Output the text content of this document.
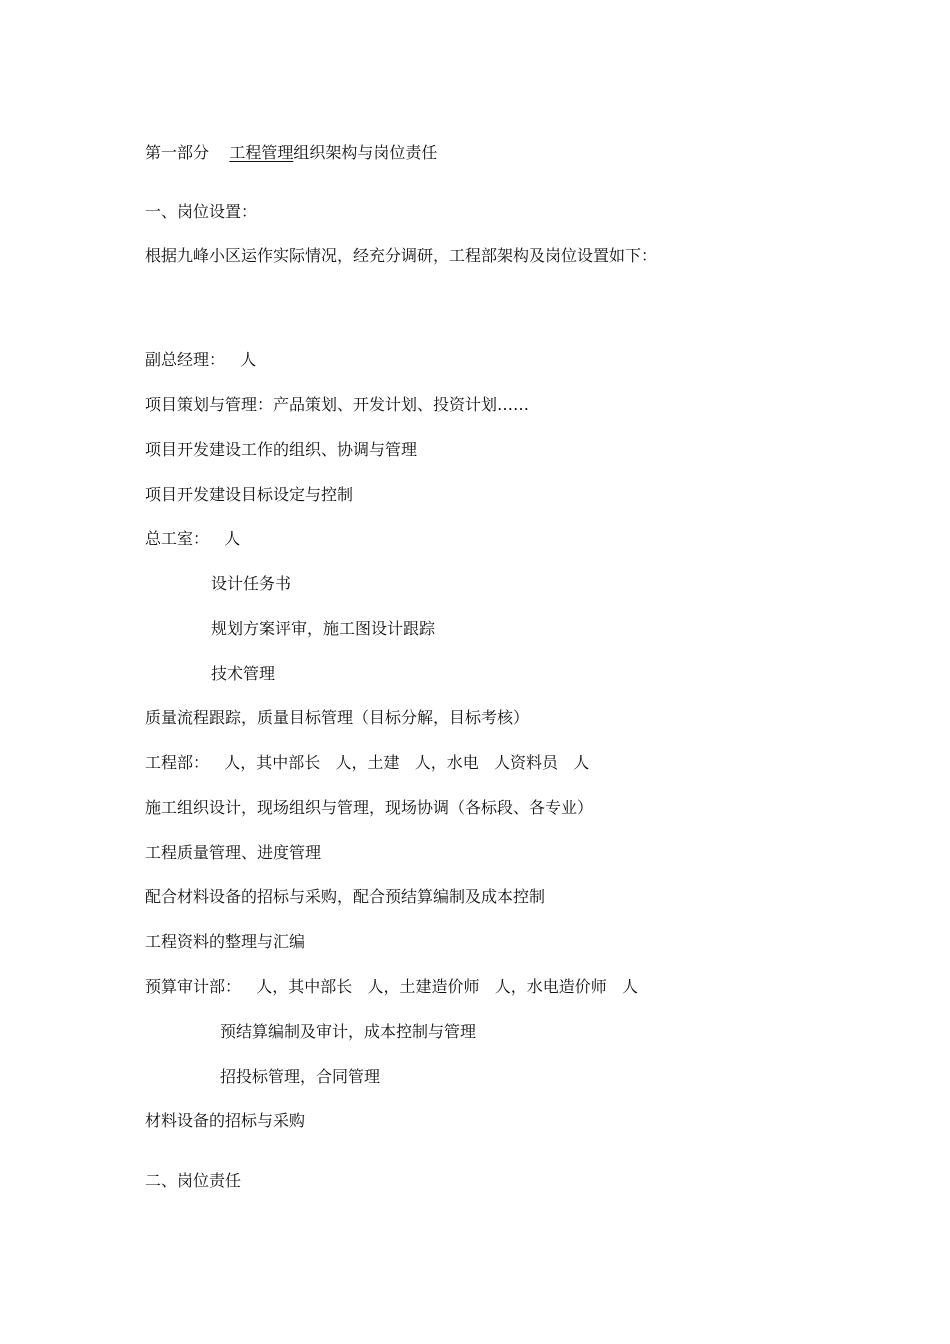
第一部分 工程管理组织架构与岗位责任
一、岗位设置：
根据九峰小区运作实际情况，经充分调研，工程部架构及岗位设置如下：
副总经理：   人
项目策划与管理：产品策划、开发计划、投资计划……
项目开发建设工作的组织、协调与管理
项目开发建设目标设定与控制
总工室：   人
设计任务书
规划方案评审，施工图设计跟踪
技术管理
质量流程跟踪，质量目标管理（目标分解，目标考核）
工程部：   人，其中部长   人，土建   人，水电   人资料员   人
施工组织设计，现场组织与管理，现场协调（各标段、各专业）
工程质量管理、进度管理
配合材料设备的招标与采购，配合预结算编制及成本控制
工程资料的整理与汇编
预算审计部：   人，其中部长   人，土建造价师   人，水电造价师   人
预结算编制及审计，成本控制与管理
招投标管理，合同管理
材料设备的招标与采购
二、岗位责任
